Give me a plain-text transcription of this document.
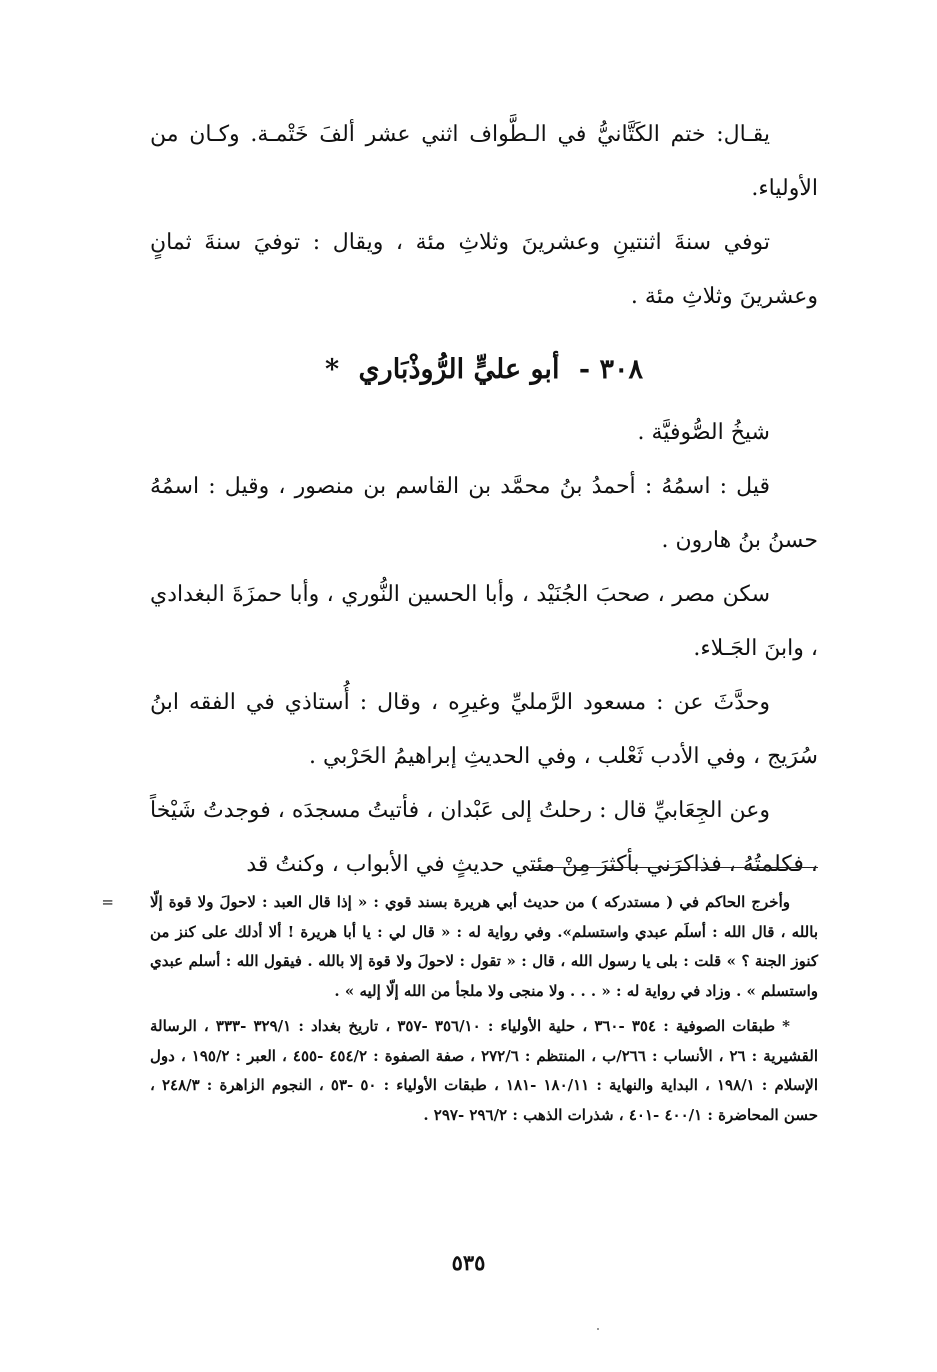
يقـال: ختم الكَتَّانيُّ في الـطَّواف اثني عشر ألفَ خَتْمـة. وكـان من الأولياء.

توفي سنةَ اثنتينِ وعشرينَ وثلاثِ مئة ، ويقال : توفيَ سنةَ ثمانٍ وعشرينَ وثلاثِ مئة .

٣٠٨ - أبو عليٍّ الرُّوذْبَاري *

شيخُ الصُّوفيَّة .

قيل : اسمُهُ : أحمدُ بنُ محمَّد بن القاسم بن منصور ، وقيل : اسمُهُ حسنُ بنُ هارون .

سكن مصر ، صحبَ الجُنَيْد ، وأبا الحسين النُّوري ، وأبا حمزَةَ البغدادي ، وابنَ الجَـلاء.

وحدَّثَ عن : مسعود الرَّمليِّ وغيرِه ، وقال : أُستاذي في الفقه ابنُ سُرَيج ، وفي الأدب ثَعْلب ، وفي الحديثِ إبراهيمُ الحَرْبي .

وعن الجِعَابيِّ قال : رحلتُ إلى عَبْدان ، فأتيتُ مسجدَه ، فوجدتُ شَيْخاً ، فكلمتُهُ ، فذاكرَني بأكثرَ مِنْ مئتي حديثٍ في الأبواب ، وكنتُ قد

=	وأخرج الحاكم في ( مستدركه ) من حديث أبي هريرة بسند قوي : « إذا قال العبد : لاحولَ ولا قوة إلّا بالله ، قال الله : أسلَم عبدي واستسلم». وفي رواية له : « قال لي : يا أبا هريرة ! ألا أدلك على كنز من كنوز الجنة ؟ » قلت : بلى يا رسول الله ، قال : « تقول : لاحولَ ولا قوة إلا بالله . فيقول الله : أسلم عبدي واستسلم » . وزاد في رواية له : « . . . ولا منجى ولا ملجأ من الله إلّا إليه » .

* طبقات الصوفية : ٣٥٤ -٣٦٠ ، حلية الأولياء : ٣٥٦/١٠ -٣٥٧ ، تاريخ بغداد : ٣٢٩/١ -٣٣٣ ، الرسالة القشيرية : ٢٦ ، الأنساب : ٢٦٦/ب ، المنتظم : ٢٧٢/٦ ، صفة الصفوة : ٤٥٤/٢ -٤٥٥ ، العبر : ١٩٥/٢ ، دول الإسلام : ١٩٨/١ ، البداية والنهاية : ١٨٠/١١ -١٨١ ، طبقات الأولياء : ٥٠ -٥٣ ، النجوم الزاهرة : ٢٤٨/٣ ، حسن المحاضرة : ٤٠٠/١ -٤٠١ ، شذرات الذهب : ٢٩٦/٢ -٢٩٧ .

٥٣٥
